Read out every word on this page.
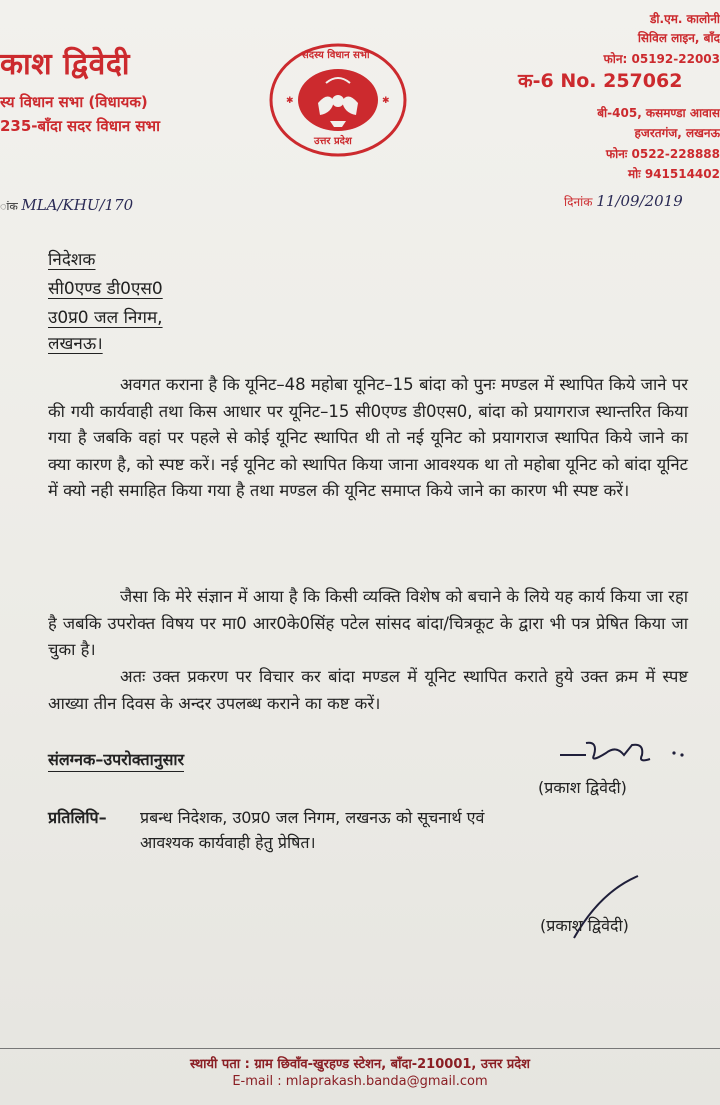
काश द्विवेदी
स्य विधान सभा (विधायक)
235-बाँदा सदर विधान सभा
✱	✱
सदस्य विधान सभा
उत्तर प्रदेश
डी.एम. कालोनी
सिविल लाइन, बाँद
फोन: 05192-22003
क-6 No. 257062
बी-405, कसमण्डा आवास
हजरतगंज, लखनऊ
फोनः 0522-228888
मोः 941514402
ांक MLA/KHU/170	दिनांक 11/09/2019
निदेशक
सी0एण्ड डी0एस0
उ0प्र0 जल निगम,
लखनऊ।

अवगत कराना है कि यूनिट–48 महोबा यूनिट–15 बांदा को पुनः मण्डल में स्थापित किये जाने पर की गयी कार्यवाही तथा किस आधार पर यूनिट–15 सी0एण्ड डी0एस0, बांदा को प्रयागराज स्थान्तरित किया गया है जबकि वहां पर पहले से कोई यूनिट स्थापित थी तो नई यूनिट को प्रयागराज स्थापित किये जाने का क्या कारण है, को स्पष्ट करें। नई यूनिट को स्थापित किया जाना आवश्यक था तो महोबा यूनिट को बांदा यूनिट में क्यो नही समाहित किया गया है तथा मण्डल की यूनिट समाप्त किये जाने का कारण भी स्पष्ट करें।

जैसा कि मेरे संज्ञान में आया है कि किसी व्यक्ति विशेष को बचाने के लिये यह कार्य किया जा रहा है जबकि उपरोक्त विषय पर मा0 आर0के0सिंह पटेल सांसद बांदा/चित्रकूट के द्वारा भी पत्र प्रेषित किया जा चुका है।

अतः उक्त प्रकरण पर विचार कर बांदा मण्डल में यूनिट स्थापित कराते हुये उक्त क्रम में स्पष्ट आख्या तीन दिवस के अन्दर उपलब्ध कराने का कष्ट करें।

संलग्नक–उपरोक्तानुसार
(प्रकाश द्विवेदी)
प्रतिलिपि– प्रबन्ध निदेशक, उ0प्र0 जल निगम, लखनऊ को सूचनार्थ एवं
आवश्यक कार्यवाही हेतु प्रेषित।
(प्रकाश द्विवेदी)
स्थायी पता : ग्राम छिवाँव-खुरहण्ड स्टेशन, बाँदा-210001, उत्तर प्रदेश
E-mail : mlaprakash.banda@gmail.com
